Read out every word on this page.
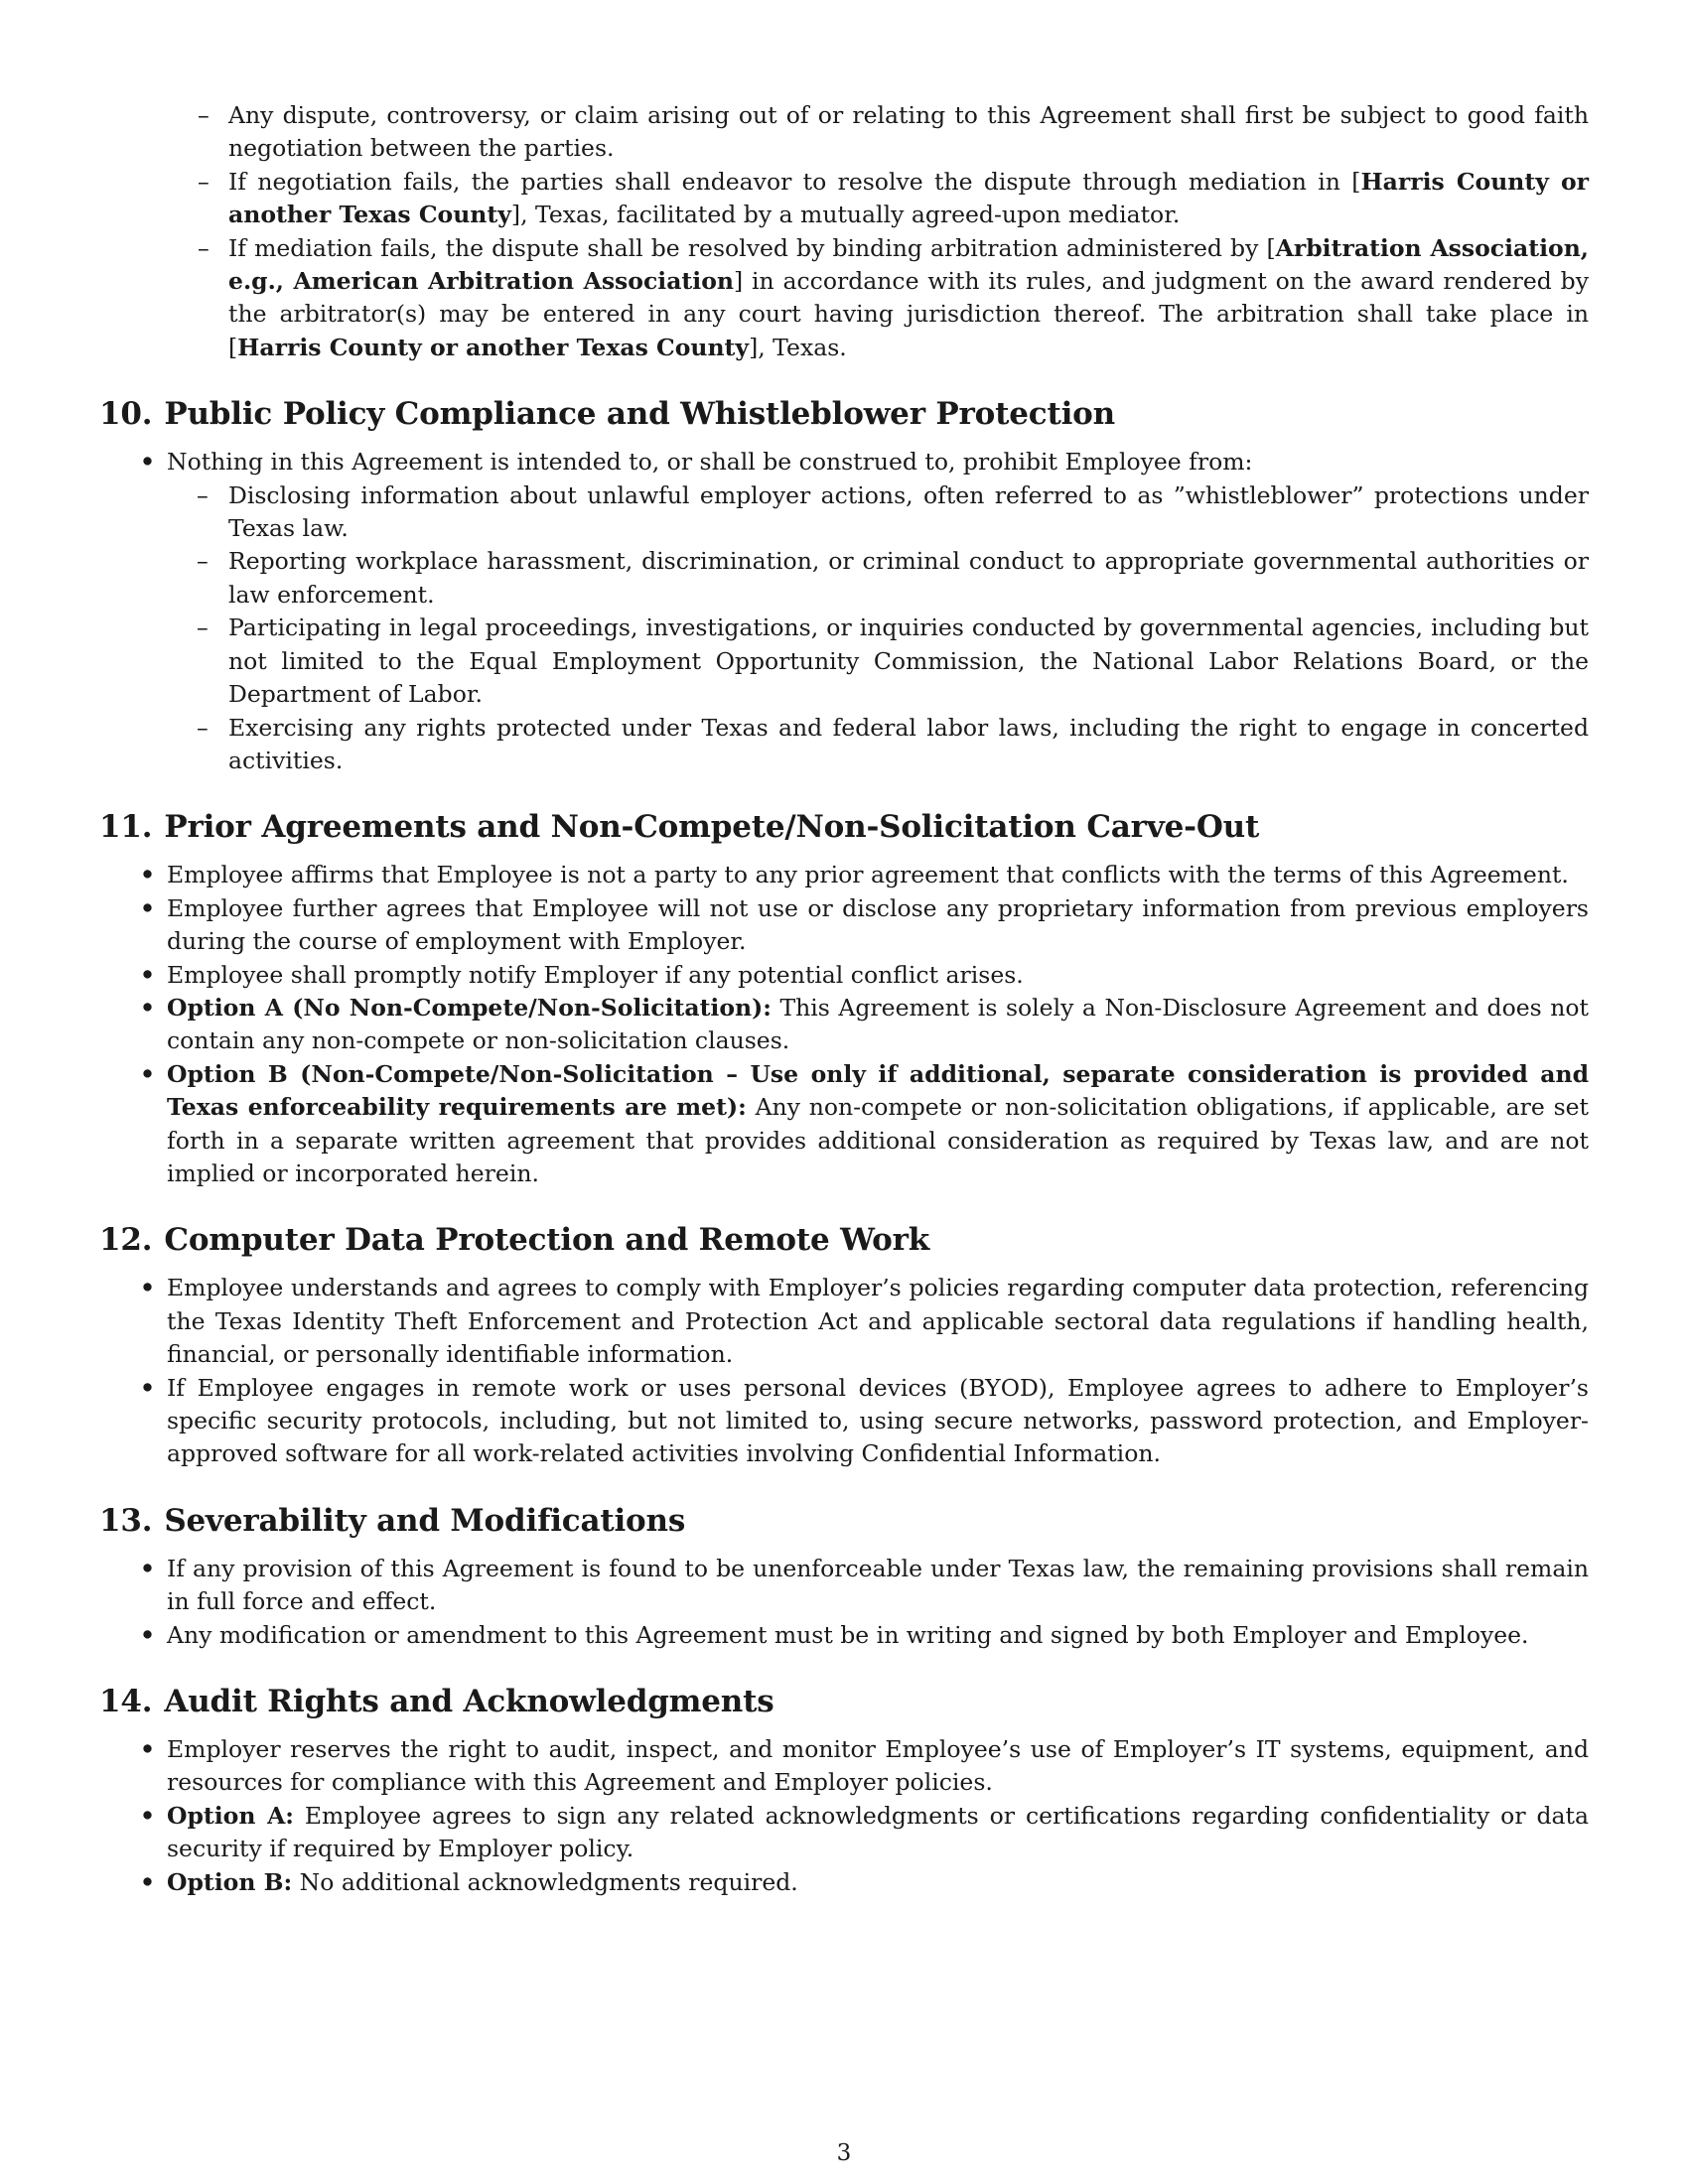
– Any dispute, controversy, or claim arising out of or relating to this Agreement shall first be subject to good faith negotiation between the parties.
– If negotiation fails, the parties shall endeavor to resolve the dispute through mediation in [Harris County or another Texas County], Texas, facilitated by a mutually agreed-upon mediator.
– If mediation fails, the dispute shall be resolved by binding arbitration administered by [Arbitration Association, e.g., American Arbitration Association] in accordance with its rules, and judgment on the award rendered by the arbitrator(s) may be entered in any court having jurisdiction thereof. The arbitration shall take place in [Harris County or another Texas County], Texas.
10. Public Policy Compliance and Whistleblower Protection
• Nothing in this Agreement is intended to, or shall be construed to, prohibit Employee from:
– Disclosing information about unlawful employer actions, often referred to as ”whistleblower” protections under Texas law.
– Reporting workplace harassment, discrimination, or criminal conduct to appropriate governmental authorities or law enforcement.
– Participating in legal proceedings, investigations, or inquiries conducted by governmental agencies, including but not limited to the Equal Employment Opportunity Commission, the National Labor Relations Board, or the Department of Labor.
– Exercising any rights protected under Texas and federal labor laws, including the right to engage in concerted activities.
11. Prior Agreements and Non-Compete/Non-Solicitation Carve-Out
• Employee affirms that Employee is not a party to any prior agreement that conflicts with the terms of this Agreement.
• Employee further agrees that Employee will not use or disclose any proprietary information from previous employers during the course of employment with Employer.
• Employee shall promptly notify Employer if any potential conflict arises.
• Option A (No Non-Compete/Non-Solicitation): This Agreement is solely a Non-Disclosure Agreement and does not contain any non-compete or non-solicitation clauses.
• Option B (Non-Compete/Non-Solicitation – Use only if additional, separate consideration is provided and Texas enforceability requirements are met): Any non-compete or non-solicitation obligations, if applicable, are set forth in a separate written agreement that provides additional consideration as required by Texas law, and are not implied or incorporated herein.
12. Computer Data Protection and Remote Work
• Employee understands and agrees to comply with Employer’s policies regarding computer data protection, referencing the Texas Identity Theft Enforcement and Protection Act and applicable sectoral data regulations if handling health, financial, or personally identifiable information.
• If Employee engages in remote work or uses personal devices (BYOD), Employee agrees to adhere to Employer’s specific security protocols, including, but not limited to, using secure networks, password protection, and Employer-approved software for all work-related activities involving Confidential Information.
13. Severability and Modifications
• If any provision of this Agreement is found to be unenforceable under Texas law, the remaining provisions shall remain in full force and effect.
• Any modification or amendment to this Agreement must be in writing and signed by both Employer and Employee.
14. Audit Rights and Acknowledgments
• Employer reserves the right to audit, inspect, and monitor Employee’s use of Employer’s IT systems, equipment, and resources for compliance with this Agreement and Employer policies.
• Option A: Employee agrees to sign any related acknowledgments or certifications regarding confidentiality or data security if required by Employer policy.
• Option B: No additional acknowledgments required.
3
